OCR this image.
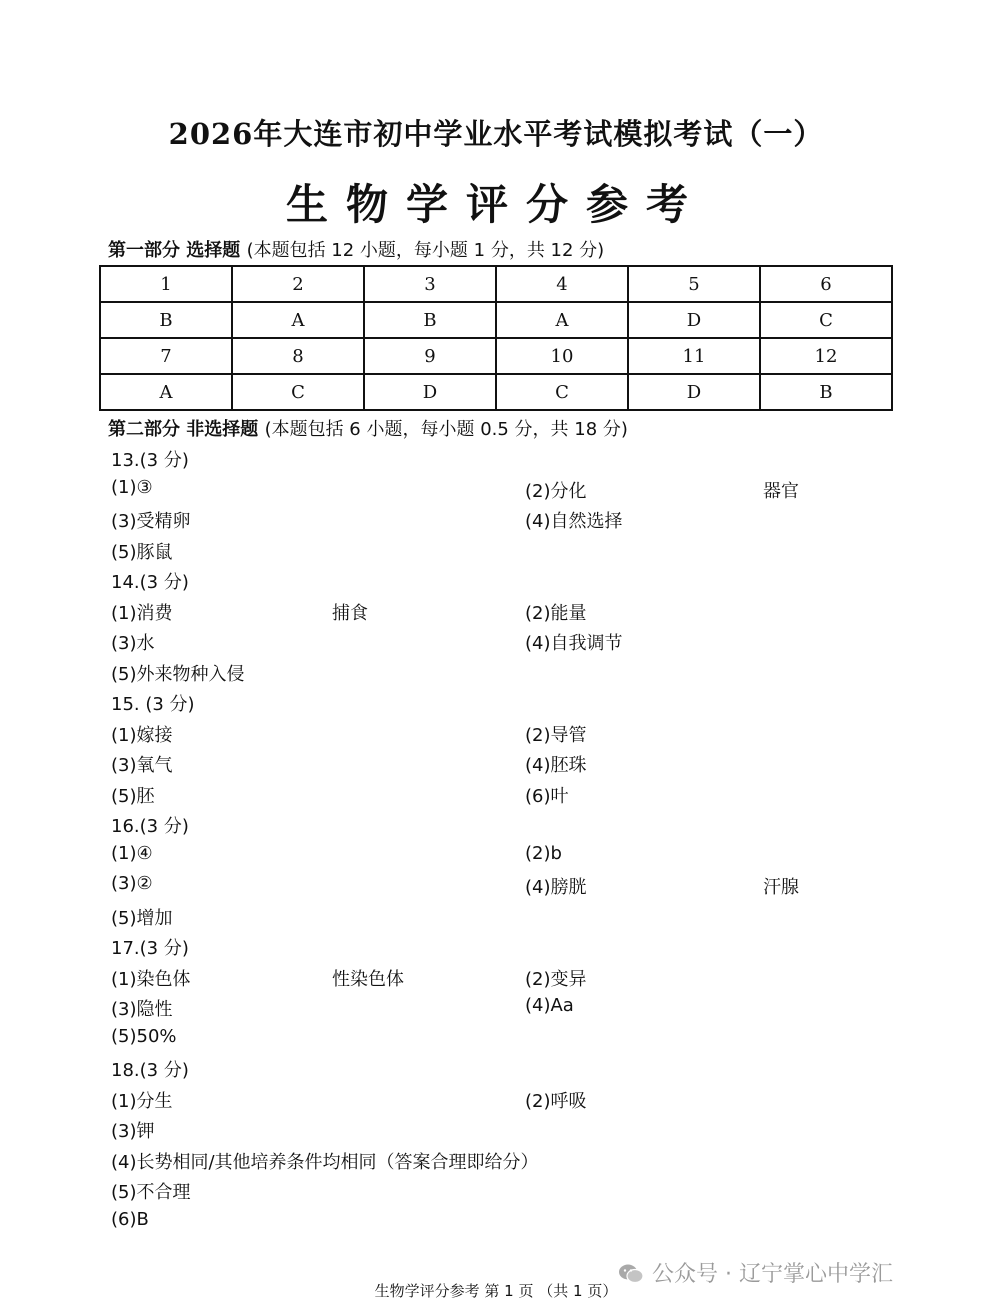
2026年大连市初中学业水平考试模拟考试（一）
生物学评分参考
第一部分 选择题 (本题包括 12 小题，每小题 1 分，共 12 分)
1	2	3	4	5	6
B	A	B	A	D	C
7	8	9	10	11	12
A	C	D	C	D	B
第二部分 非选择题 (本题包括 6 小题，每小题 0.5 分，共 18 分)
13.(3 分)
(1)③	(2)分化	器官
(3)受精卵	(4)自然选择
(5)豚鼠
14.(3 分)
(1)消费	捕食	(2)能量
(3)水	(4)自我调节
(5)外来物种入侵
15. (3 分)
(1)嫁接	(2)导管
(3)氧气	(4)胚珠
(5)胚	(6)叶
16.(3 分)
(1)④	(2)b
(3)②	(4)膀胱	汗腺
(5)增加
17.(3 分)
(1)染色体	性染色体	(2)变异
(3)隐性	(4)Aa
(5)50%
18.(3 分)
(1)分生	(2)呼吸
(3)钾
(4)长势相同/其他培养条件均相同（答案合理即给分）
(5)不合理
(6)B
生物学评分参考 第 1 页 （共 1 页）
公众号 · 辽宁掌心中学汇
